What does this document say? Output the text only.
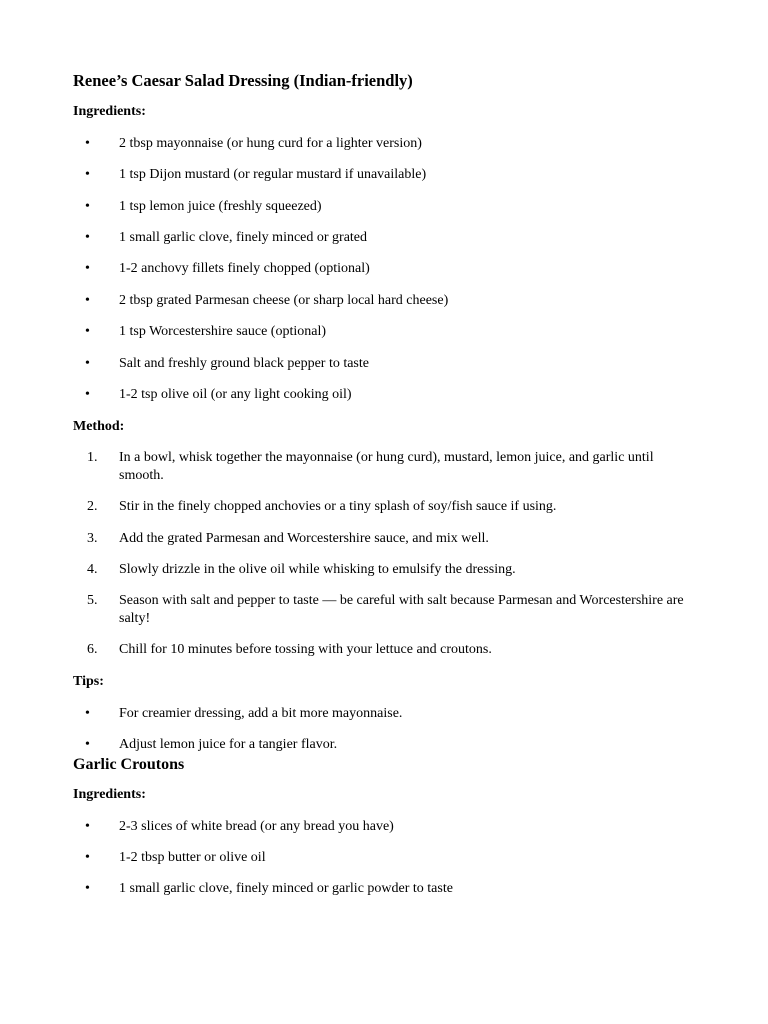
Renee’s Caesar Salad Dressing (Indian-friendly)
Ingredients:
• 2 tbsp mayonnaise (or hung curd for a lighter version)
• 1 tsp Dijon mustard (or regular mustard if unavailable)
• 1 tsp lemon juice (freshly squeezed)
• 1 small garlic clove, finely minced or grated
• 1-2 anchovy fillets finely chopped (optional)
• 2 tbsp grated Parmesan cheese (or sharp local hard cheese)
• 1 tsp Worcestershire sauce (optional)
• Salt and freshly ground black pepper to taste
• 1-2 tsp olive oil (or any light cooking oil)
Method:
1. In a bowl, whisk together the mayonnaise (or hung curd), mustard, lemon juice, and garlic until smooth.
2. Stir in the finely chopped anchovies or a tiny splash of soy/fish sauce if using.
3. Add the grated Parmesan and Worcestershire sauce, and mix well.
4. Slowly drizzle in the olive oil while whisking to emulsify the dressing.
5. Season with salt and pepper to taste — be careful with salt because Parmesan and Worcestershire are salty!
6. Chill for 10 minutes before tossing with your lettuce and croutons.
Tips:
• For creamier dressing, add a bit more mayonnaise.
• Adjust lemon juice for a tangier flavor.
Garlic Croutons
Ingredients:
• 2-3 slices of white bread (or any bread you have)
• 1-2 tbsp butter or olive oil
• 1 small garlic clove, finely minced or garlic powder to taste
